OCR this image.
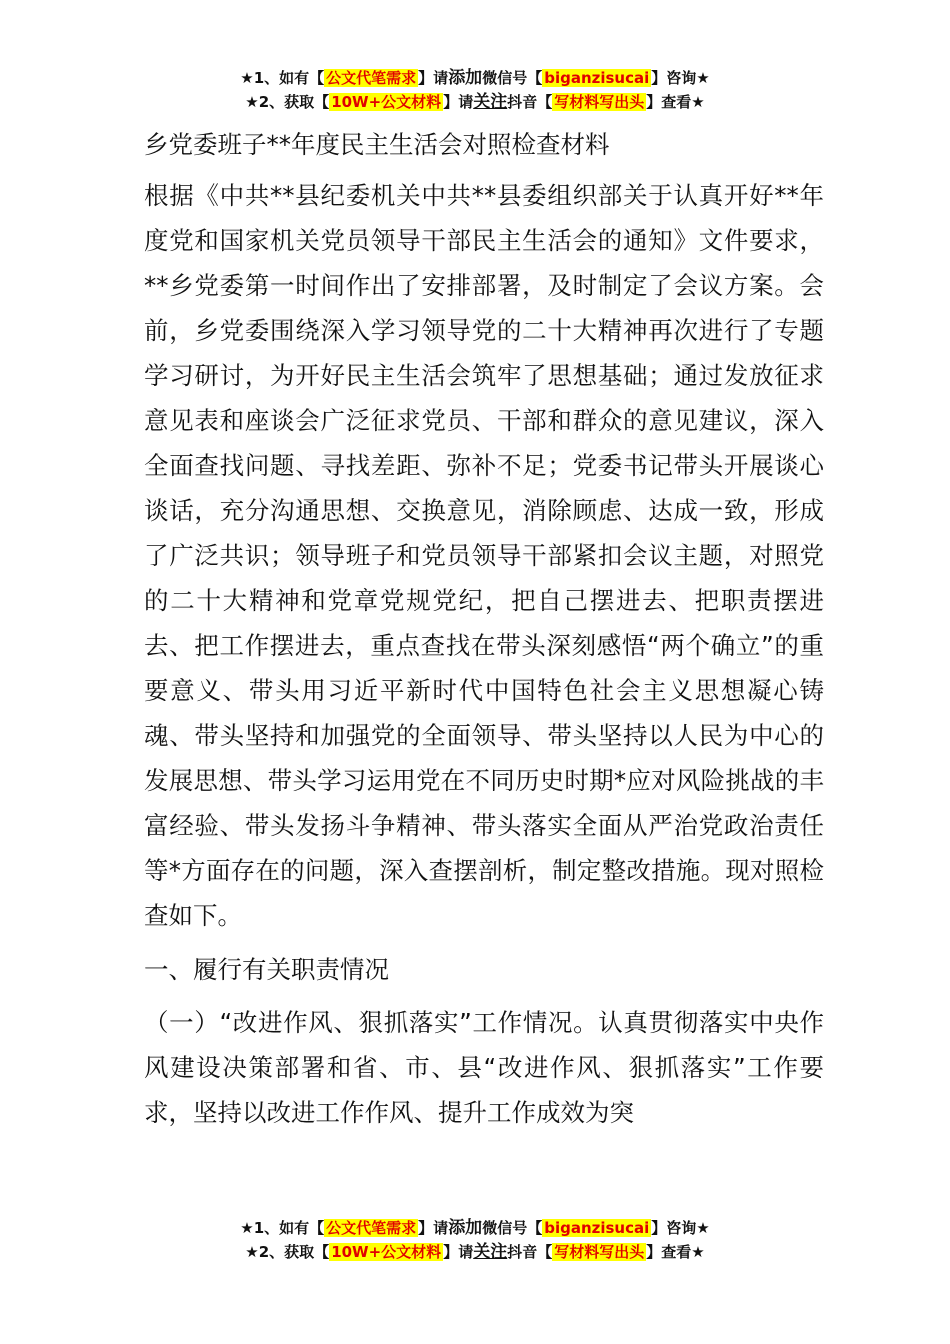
★1、如有【 公文代笔需求 】请添加微信号【 biganzisucai 】咨询★
★2、获取【 10W+公文材料 】请关注抖音【 写材料写出头 】查看★

乡党委班子**年度民主生活会对照检查材料

根据《中共**县纪委机关中共**县委组织部关于认真开好**年度党和国家机关党员领导干部民主生活会的通知》文件要求，**乡党委第一时间作出了安排部署，及时制定了会议方案。会前，乡党委围绕深入学习领导党的二十大精神再次进行了专题学习研讨，为开好民主生活会筑牢了思想基础；通过发放征求意见表和座谈会广泛征求党员、干部和群众的意见建议，深入全面查找问题、寻找差距、弥补不足；党委书记带头开展谈心谈话，充分沟通思想、交换意见，消除顾虑、达成一致，形成了广泛共识；领导班子和党员领导干部紧扣会议主题，对照党的二十大精神和党章党规党纪，把自己摆进去、把职责摆进去、把工作摆进去，重点查找在带头深刻感悟“两个确立”的重要意义、带头用习近平新时代中国特色社会主义思想凝心铸魂、带头坚持和加强党的全面领导、带头坚持以人民为中心的发展思想、带头学习运用党在不同历史时期*应对风险挑战的丰富经验、带头发扬斗争精神、带头落实全面从严治党政治责任等*方面存在的问题，深入查摆剖析，制定整改措施。现对照检查如下。

一、履行有关职责情况

（一）“改进作风、狠抓落实”工作情况。认真贯彻落实中央作风建设决策部署和省、市、县“改进作风、狠抓落实”工作要求，坚持以改进工作作风、提升工作成效为突

★1、如有【 公文代笔需求 】请添加微信号【 biganzisucai 】咨询★
★2、获取【 10W+公文材料 】请关注抖音【 写材料写出头 】查看★
